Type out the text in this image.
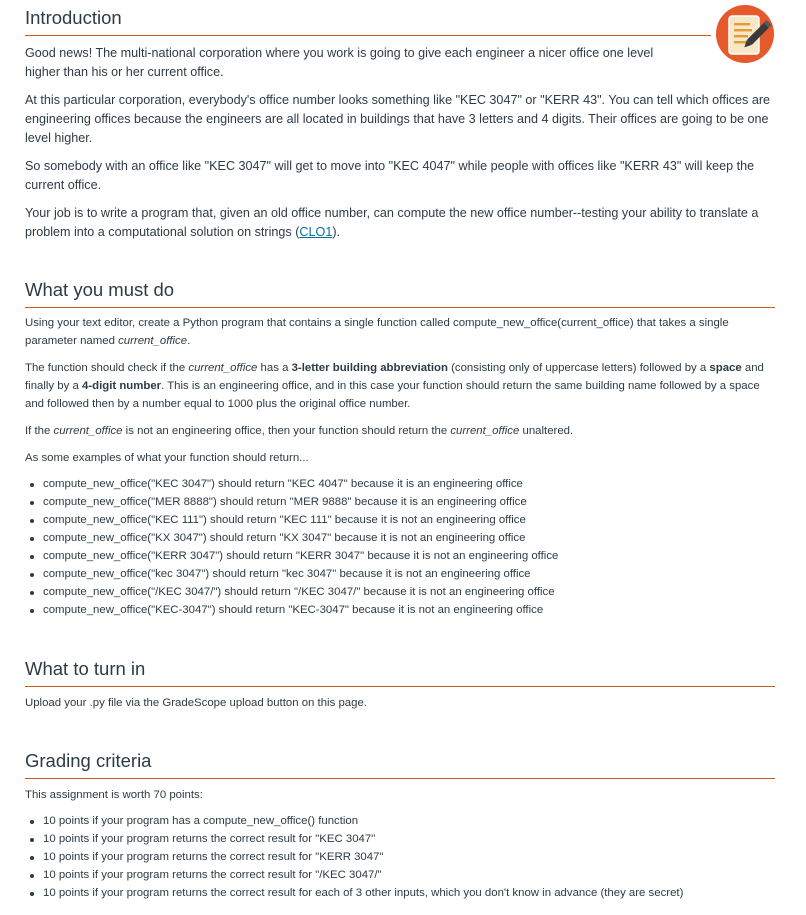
Introduction

Good news! The multi-national corporation where you work is going to give each engineer a nicer office one level higher than his or her current office.

At this particular corporation, everybody's office number looks something like "KEC 3047" or "KERR 43". You can tell which offices are engineering offices because the engineers are all located in buildings that have 3 letters and 4 digits. Their offices are going to be one level higher.

So somebody with an office like "KEC 3047" will get to move into "KEC 4047" while people with offices like "KERR 43" will keep the current office.

Your job is to write a program that, given an old office number, can compute the new office number--testing your ability to translate a problem into a computational solution on strings (CLO1).

What you must do

Using your text editor, create a Python program that contains a single function called compute_new_office(current_office) that takes a single parameter named current_office.

The function should check if the current_office has a 3-letter building abbreviation (consisting only of uppercase letters) followed by a space and finally by a 4-digit number. This is an engineering office, and in this case your function should return the same building name followed by a space and followed then by a number equal to 1000 plus the original office number.

If the current_office is not an engineering office, then your function should return the current_office unaltered.

As some examples of what your function should return...

compute_new_office("KEC 3047") should return "KEC 4047" because it is an engineering office
compute_new_office("MER 8888") should return "MER 9888" because it is an engineering office
compute_new_office("KEC 111") should return "KEC 111" because it is not an engineering office
compute_new_office("KX 3047") should return "KX 3047" because it is not an engineering office
compute_new_office("KERR 3047") should return "KERR 3047" because it is not an engineering office
compute_new_office("kec 3047") should return "kec 3047" because it is not an engineering office
compute_new_office("/KEC 3047/") should return "/KEC 3047/" because it is not an engineering office
compute_new_office("KEC-3047") should return "KEC-3047" because it is not an engineering office
What to turn in

Upload your .py file via the GradeScope upload button on this page.

Grading criteria

This assignment is worth 70 points:

10 points if your program has a compute_new_office() function
10 points if your program returns the correct result for "KEC 3047"
10 points if your program returns the correct result for "KERR 3047"
10 points if your program returns the correct result for "/KEC 3047/"
10 points if your program returns the correct result for each of 3 other inputs, which you don't know in advance (they are secret)
